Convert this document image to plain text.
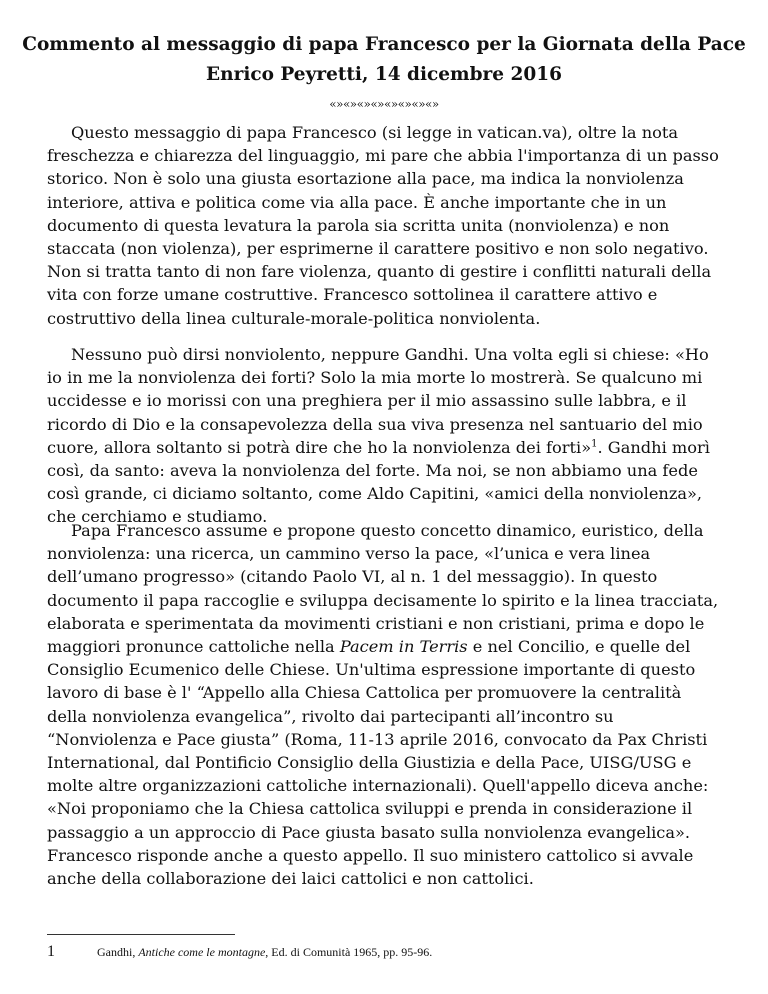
Commento al messaggio di papa Francesco per la Giornata della Pace
Enrico Peyretti, 14 dicembre 2016
«»«»«»«»«»«»«»«»

Questo messaggio di papa Francesco (si legge in vatican.va), oltre la nota freschezza e chiarezza del linguaggio, mi pare che abbia l'importanza di un passo storico. Non è solo una giusta esortazione alla pace, ma indica la nonviolenza interiore, attiva e politica come via alla pace. È anche importante che in un documento di questa levatura la parola sia scritta unita (nonviolenza) e non staccata (non violenza), per esprimerne il carattere positivo e non solo negativo. Non si tratta tanto di non fare violenza, quanto di gestire i conflitti naturali della vita con forze umane costruttive. Francesco sottolinea il carattere attivo e costruttivo della linea culturale-morale-politica nonviolenta.

Nessuno può dirsi nonviolento, neppure Gandhi. Una volta egli si chiese: «Ho io in me la nonviolenza dei forti? Solo la mia morte lo mostrerà. Se qualcuno mi uccidesse e io morissi con una preghiera per il mio assassino sulle labbra, e il ricordo di Dio e la consapevolezza della sua viva presenza nel santuario del mio cuore, allora soltanto si potrà dire che ho la nonviolenza dei forti»$^1$. Gandhi morì così, da santo: aveva la nonviolenza del forte. Ma noi, se non abbiamo una fede così grande, ci diciamo soltanto, come Aldo Capitini, «amici della nonviolenza», che cerchiamo e studiamo.

Papa Francesco assume e propone questo concetto dinamico, euristico, della nonviolenza: una ricerca, un cammino verso la pace, «l’unica e vera linea dell’umano progresso» (citando Paolo VI, al n. 1 del messaggio). In questo documento il papa raccoglie e sviluppa decisamente lo spirito e la linea tracciata, elaborata e sperimentata da movimenti cristiani e non cristiani, prima e dopo le maggiori pronunce cattoliche nella Pacem in Terris e nel Concilio, e quelle del Consiglio Ecumenico delle Chiese. Un'ultima espressione importante di questo lavoro di base è l' “Appello alla Chiesa Cattolica per promuovere la centralità della nonviolenza evangelica”, rivolto dai partecipanti all’incontro su “Nonviolenza e Pace giusta” (Roma, 11-13 aprile 2016, convocato da Pax Christi International, dal Pontificio Consiglio della Giustizia e della Pace, UISG/USG e molte altre organizzazioni cattoliche internazionali). Quell'appello diceva anche: «Noi proponiamo che la Chiesa cattolica sviluppi e prenda in considerazione il passaggio a un approccio di Pace giusta basato sulla nonviolenza evangelica». Francesco risponde anche a questo appello. Il suo ministero cattolico si avvale anche della collaborazione dei laici cattolici e non cattolici.

1	Gandhi, Antiche come le montagne, Ed. di Comunità 1965, pp. 95-96.
